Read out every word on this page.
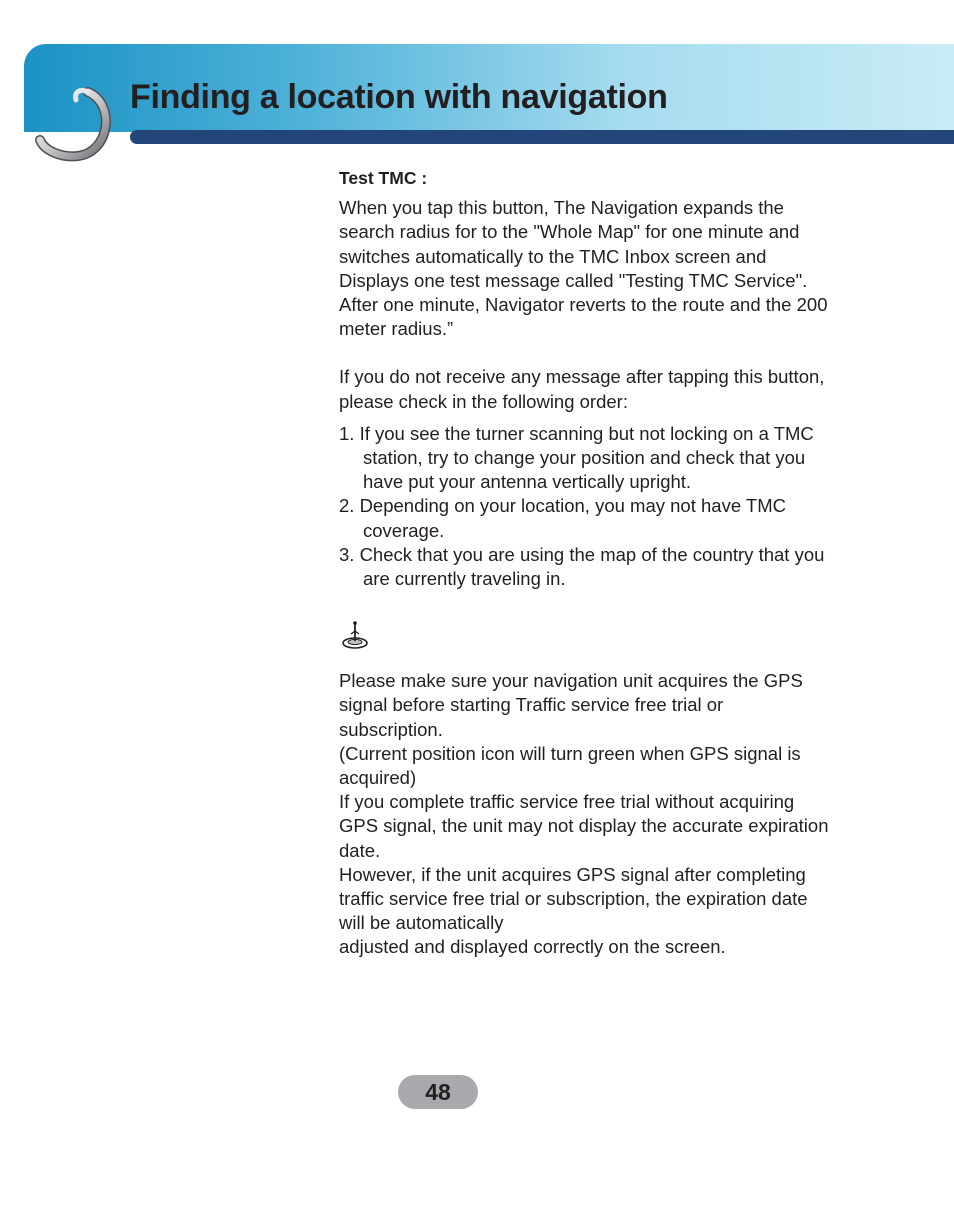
Finding a location with navigation

Test TMC :

When you tap this button, The Navigation expands the search radius for to the "Whole Map" for one minute and switches automatically to the TMC Inbox screen and Displays one test message called "Testing TMC Service". After one minute, Navigator reverts to the route and the 200 meter radius.”

If you do not receive any message after tapping this button, please check in the following order:

1. If you see the turner scanning but not locking on a TMC station, try to change your position and check that you have put your antenna vertically upright.
2. Depending on your location, you may not have TMC coverage.
3. Check that you are using the map of the country that you are currently traveling in.
Please make sure your navigation unit acquires the GPS signal before starting Traffic service free trial or subscription.
(Current position icon will turn green when GPS signal is acquired)
If you complete traffic service free trial without acquiring GPS signal, the unit may not display the accurate expiration date.
However, if the unit acquires GPS signal after completing traffic service free trial or subscription, the expiration date will be automatically
adjusted and displayed correctly on the screen.
48
